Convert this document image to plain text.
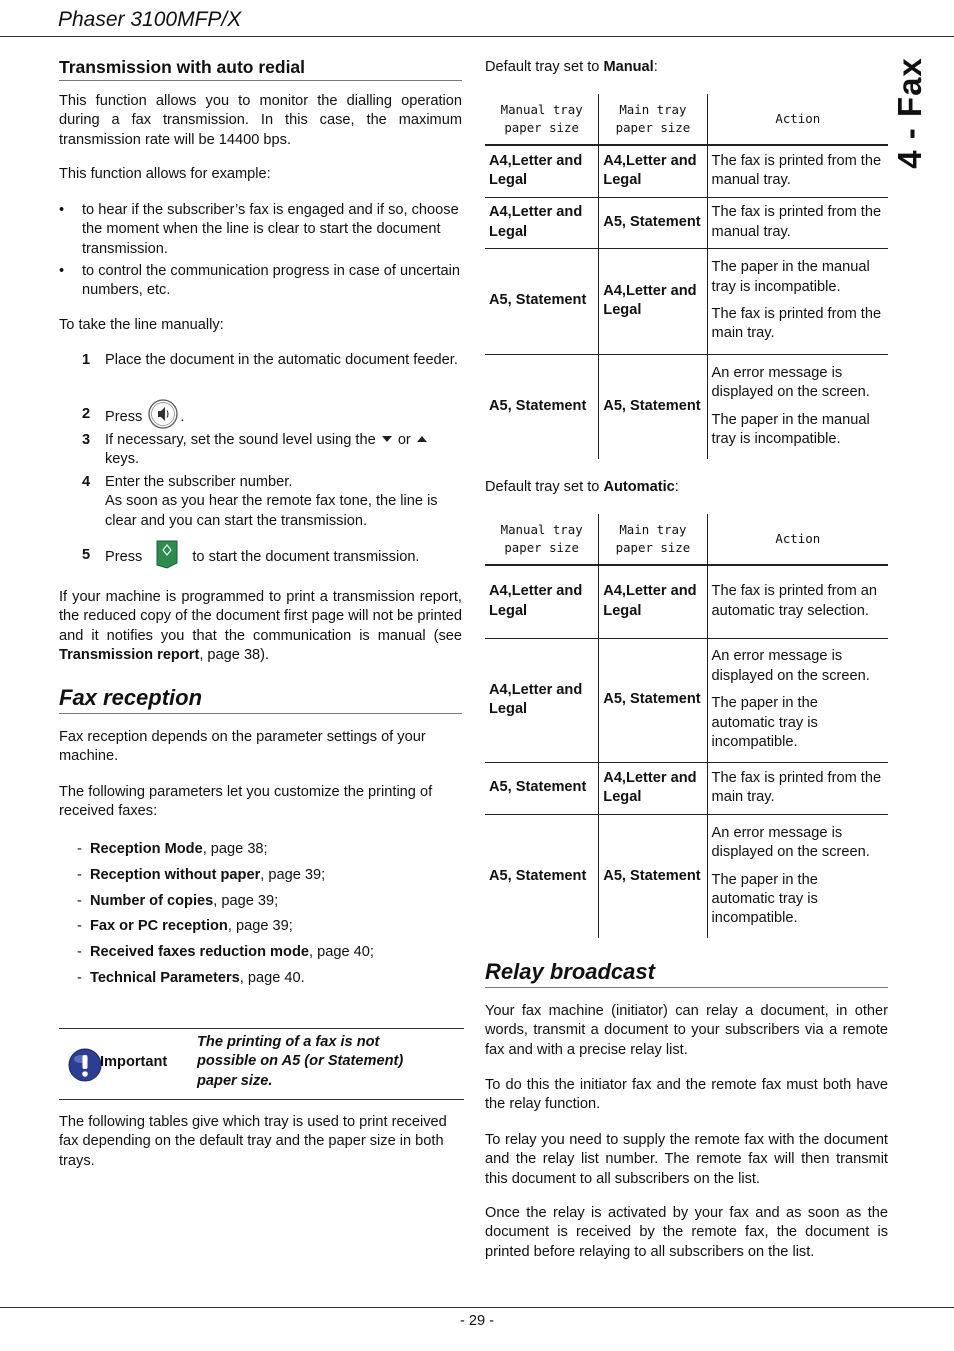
Phaser 3100MFP/X
4 - Fax
- 29 -
Transmission with auto redial
This function allows you to monitor the dialling operation during a fax transmission. In this case, the maximum transmission rate will be 14400 bps.
This function allows for example:
• to hear if the subscriber’s fax is engaged and if so, choose the moment when the line is clear to start the document transmission.
• to control the communication progress in case of uncertain numbers, etc.
To take the line manually:
1 Place the document in the automatic document feeder.
2 Press	.
3 If necessary, set the sound level using the or
keys.
4 Enter the subscriber number.
As soon as you hear the remote fax tone, the line is clear and you can start the transmission.
5 Press	to start the document transmission.
If your machine is programmed to print a transmission report, the reduced copy of the document first page will not be printed and it notifies you that the communication is manual (see Transmission report, page 38).
Fax reception
Fax reception depends on the parameter settings of your machine.
The following parameters let you customize the printing of received faxes:
-  Reception Mode, page 38;
-  Reception without paper, page 39;
-  Number of copies, page 39;
-  Fax or PC reception, page 39;
-  Received faxes reduction mode, page 40;
-  Technical Parameters, page 40.
Important
The printing of a fax is not possible on A5 (or Statement) paper size.
The following tables give which tray is used to print received fax depending on the default tray and the paper size in both trays.
Default tray set to Manual:
Manual tray
paper size	Main tray
paper size	Action
A4,Letter and Legal	A4,Letter and Legal	The fax is printed from the manual tray.
A4,Letter and Legal	A5, Statement	The fax is printed from the manual tray.
A5, Statement	A4,Letter and Legal	The paper in the manual tray is incompatible.
The fax is printed from the main tray.

A5, Statement	A5, Statement	An error message is displayed on the screen.
The paper in the manual tray is incompatible.
Default tray set to Automatic:
Manual tray
paper size	Main tray
paper size	Action
A4,Letter and Legal	A4,Letter and Legal	The fax is printed from an automatic tray selection.
A4,Letter and Legal	A5, Statement	An error message is displayed on the screen.
The paper in the automatic tray is incompatible.

A5, Statement	A4,Letter and Legal	The fax is printed from the main tray.
A5, Statement	A5, Statement	An error message is displayed on the screen.
The paper in the automatic tray is incompatible.
Relay broadcast
Your fax machine (initiator) can relay a document, in other words, transmit a document to your subscribers via a remote fax and with a precise relay list.
To do this the initiator fax and the remote fax must both have the relay function.
To relay you need to supply the remote fax with the document and the relay list number. The remote fax will then transmit this document to all subscribers on the list.
Once the relay is activated by your fax and as soon as the document is received by the remote fax, the document is printed before relaying to all subscribers on the list.
